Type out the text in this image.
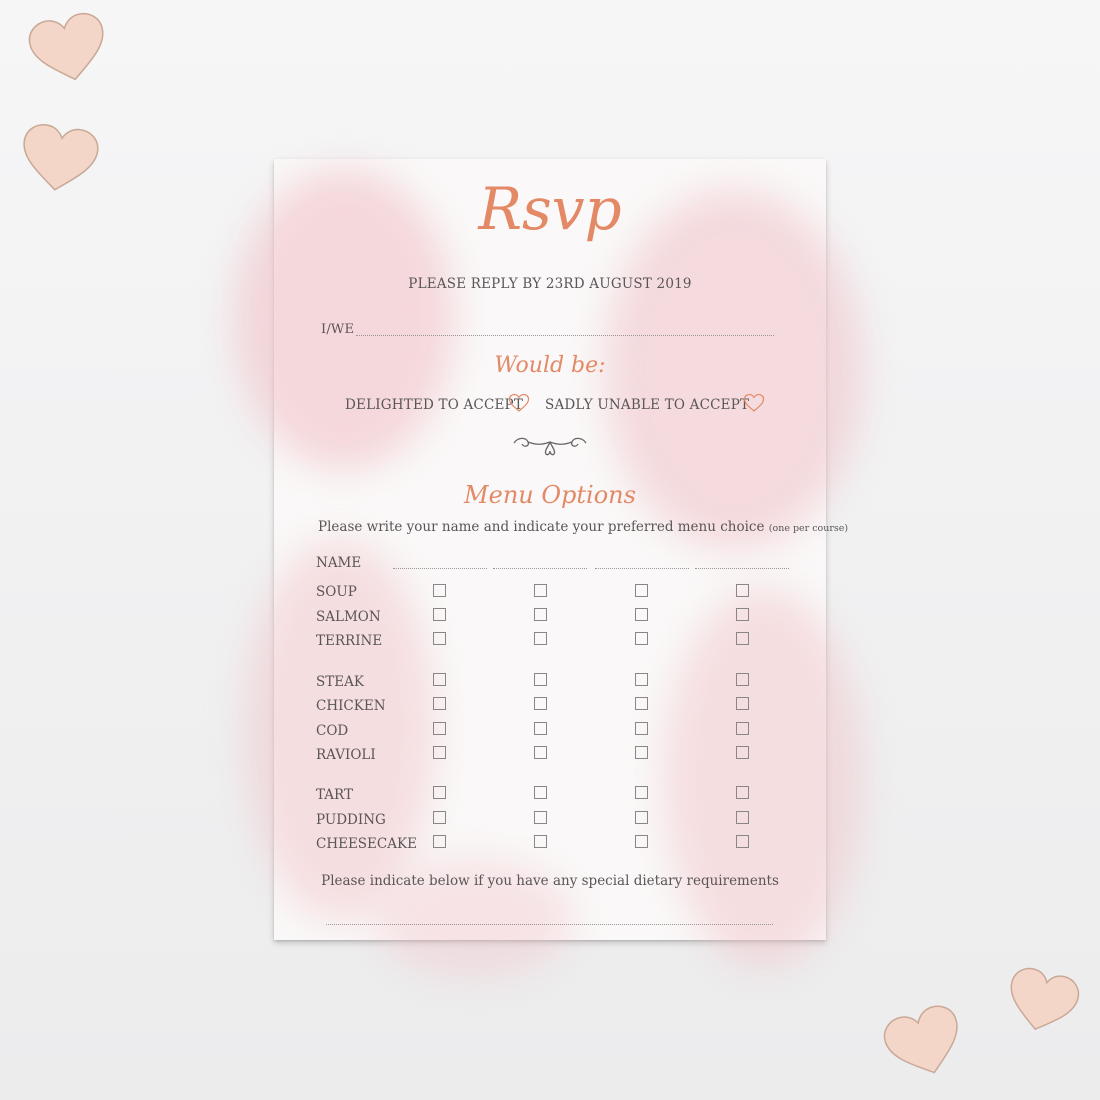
Rsvp
PLEASE REPLY BY 23RD AUGUST 2019
I/WE
Would be:
DELIGHTED TO ACCEPT SADLY UNABLE TO ACCEPT
Menu Options
Please write your name and indicate your preferred menu choice (one per course)
NAME
SOUP
SALMON
TERRINE
STEAK
CHICKEN
COD
RAVIOLI
TART
PUDDING
CHEESECAKE
Please indicate below if you have any special dietary requirements
